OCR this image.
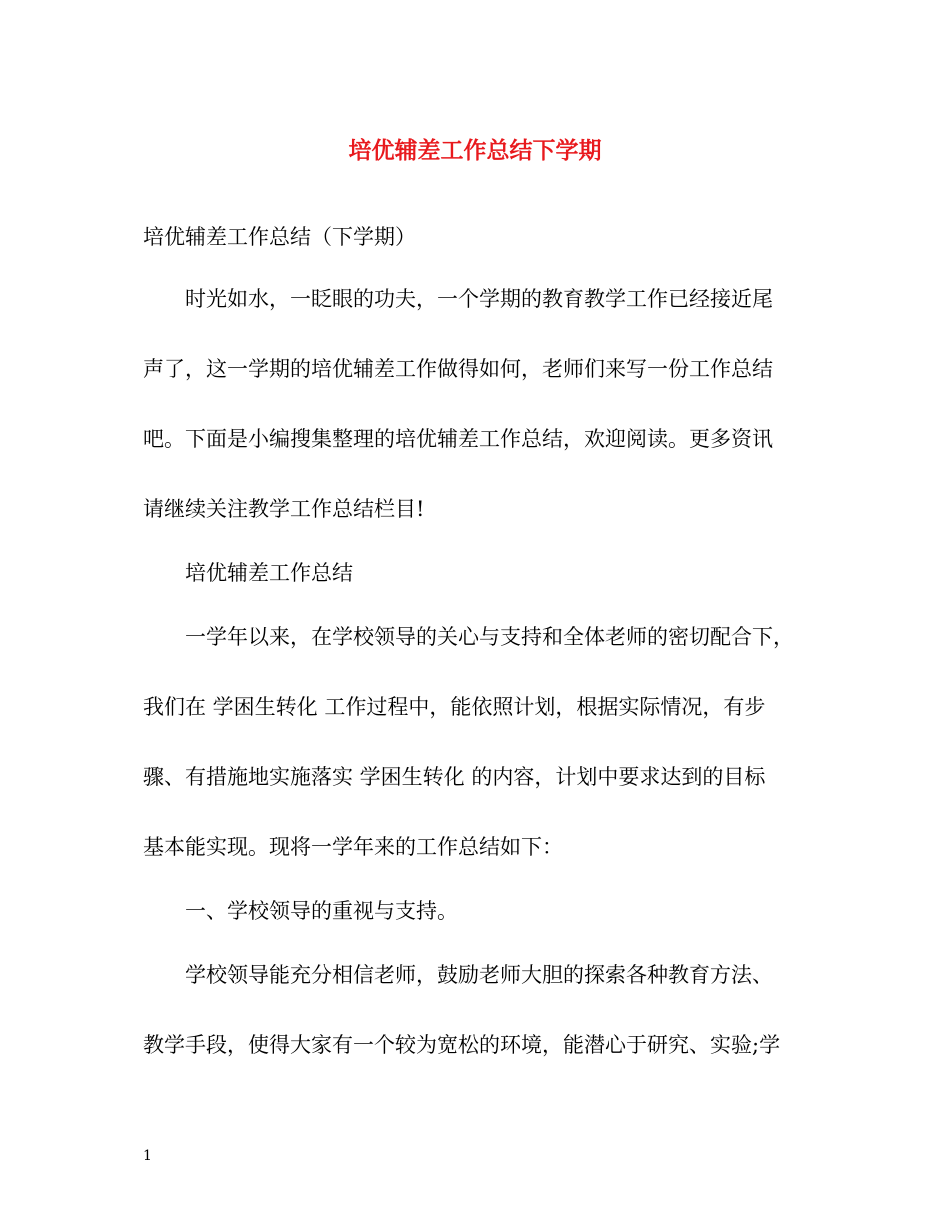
培优辅差工作总结下学期

培优辅差工作总结（下学期）

时光如水，一眨眼的功夫，一个学期的教育教学工作已经接近尾

声了，这一学期的培优辅差工作做得如何，老师们来写一份工作总结

吧。下面是小编搜集整理的培优辅差工作总结，欢迎阅读。更多资讯

请继续关注教学工作总结栏目!

培优辅差工作总结

一学年以来，在学校领导的关心与支持和全体老师的密切配合下，

我们在 学困生转化 工作过程中，能依照计划，根据实际情况，有步

骤、有措施地实施落实 学困生转化 的内容，计划中要求达到的目标

基本能实现。现将一学年来的工作总结如下：

一、学校领导的重视与支持。

学校领导能充分相信老师，鼓励老师大胆的探索各种教育方法、

教学手段，使得大家有一个较为宽松的环境，能潜心于研究、实验;学

1
